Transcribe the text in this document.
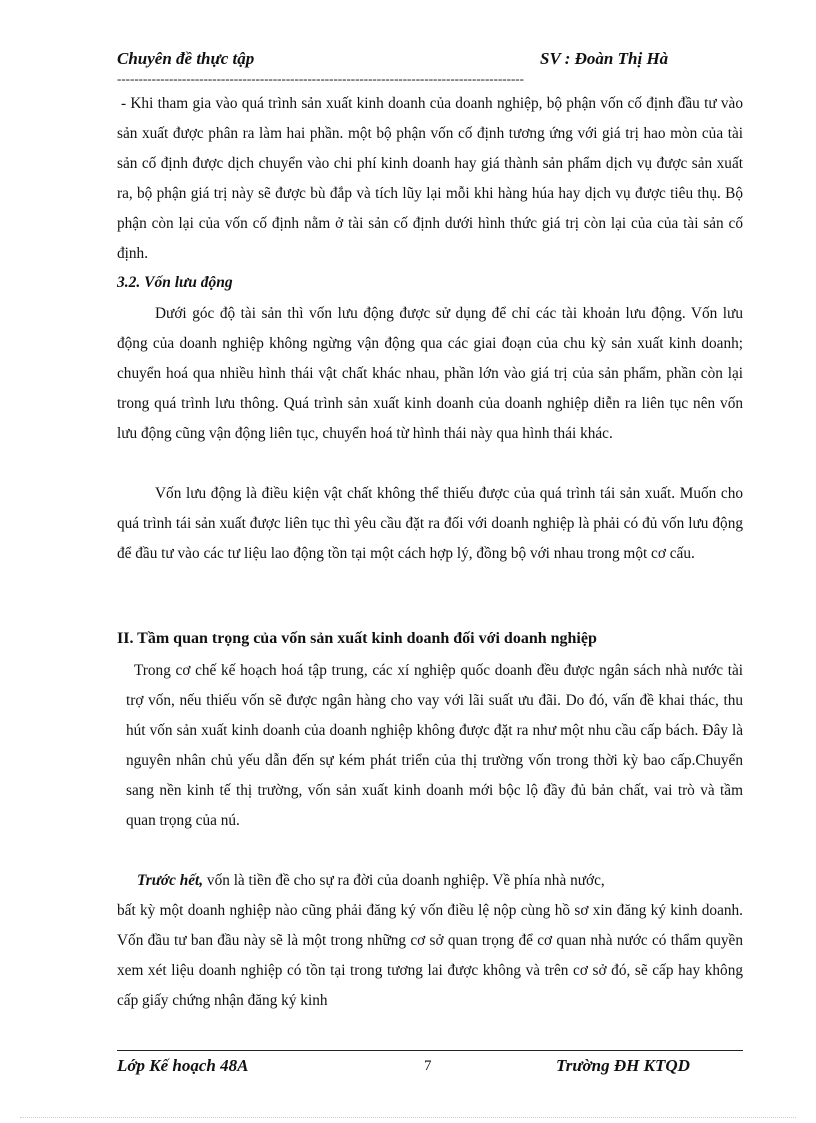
Chuyên đề thực tập	SV : Đoàn Thị Hà
----------------------------------------------------------------------------------------------

- Khi tham gia vào quá trình sản xuất kinh doanh của doanh nghiệp, bộ phận vốn cố định đầu tư vào sản xuất được phân ra làm hai phần. một bộ phận vốn cố định tương ứng với giá trị hao mòn của tài sản cố định được dịch chuyển vào chi phí kinh doanh hay giá thành sản phẩm dịch vụ được sản xuất ra, bộ phận giá trị này sẽ được bù đắp và tích lũy lại mỗi khi hàng húa hay dịch vụ được tiêu thụ. Bộ phận còn lại của vốn cố định nằm ở tài sản cố định dưới hình thức giá trị còn lại của của tài sản cố định.

3.2. Vốn lưu động

Dưới góc độ tài sản thì vốn lưu động được sử dụng để chỉ các tài khoản lưu động. Vốn lưu động của doanh nghiệp không ngừng vận động qua các giai đoạn của chu kỳ sản xuất kinh doanh; chuyển hoá qua nhiều hình thái vật chất khác nhau, phần lớn vào giá trị của sản phẩm, phần còn lại trong quá trình lưu thông. Quá trình sản xuất kinh doanh của doanh nghiệp diễn ra liên tục nên vốn lưu động cũng vận động liên tục, chuyển hoá từ hình thái này qua hình thái khác.

Vốn lưu động là điều kiện vật chất không thể thiếu được của quá trình tái sản xuất. Muốn cho quá trình tái sản xuất được liên tục thì yêu cầu đặt ra đối với doanh nghiệp là phải có đủ vốn lưu động để đầu tư vào các tư liệu lao động tồn tại một cách hợp lý, đồng bộ với nhau trong một cơ cấu.

II. Tầm quan trọng của vốn sản xuất kinh doanh đối với doanh nghiệp

Trong cơ chế kế hoạch hoá tập trung, các xí nghiệp quốc doanh đều được ngân sách nhà nước tài trợ vốn, nếu thiếu vốn sẽ được ngân hàng cho vay với lãi suất ưu đãi. Do đó, vấn đề khai thác, thu hút vốn sản xuất kinh doanh của doanh nghiệp không được đặt ra như một nhu cầu cấp bách. Đây là nguyên nhân chủ yếu dẫn đến sự kém phát triển của thị trường vốn trong thời kỳ bao cấp.Chuyển sang nền kinh tế thị trường, vốn sản xuất kinh doanh mới bộc lộ đầy đủ bản chất, vai trò và tầm quan trọng của nú.

Trước hết, vốn là tiền đề cho sự ra đời của doanh nghiệp. Về phía nhà nước,

bất kỳ một doanh nghiệp nào cũng phải đăng ký vốn điều lệ nộp cùng hồ sơ xin đăng ký kinh doanh. Vốn đầu tư ban đầu này sẽ là một trong những cơ sở quan trọng để cơ quan nhà nước có thẩm quyền xem xét liệu doanh nghiệp có tồn tại trong tương lai được không và trên cơ sở đó, sẽ cấp hay không cấp giấy chứng nhận đăng ký kinh

Lớp Kế hoạch 48A	7	Trường ĐH KTQD
